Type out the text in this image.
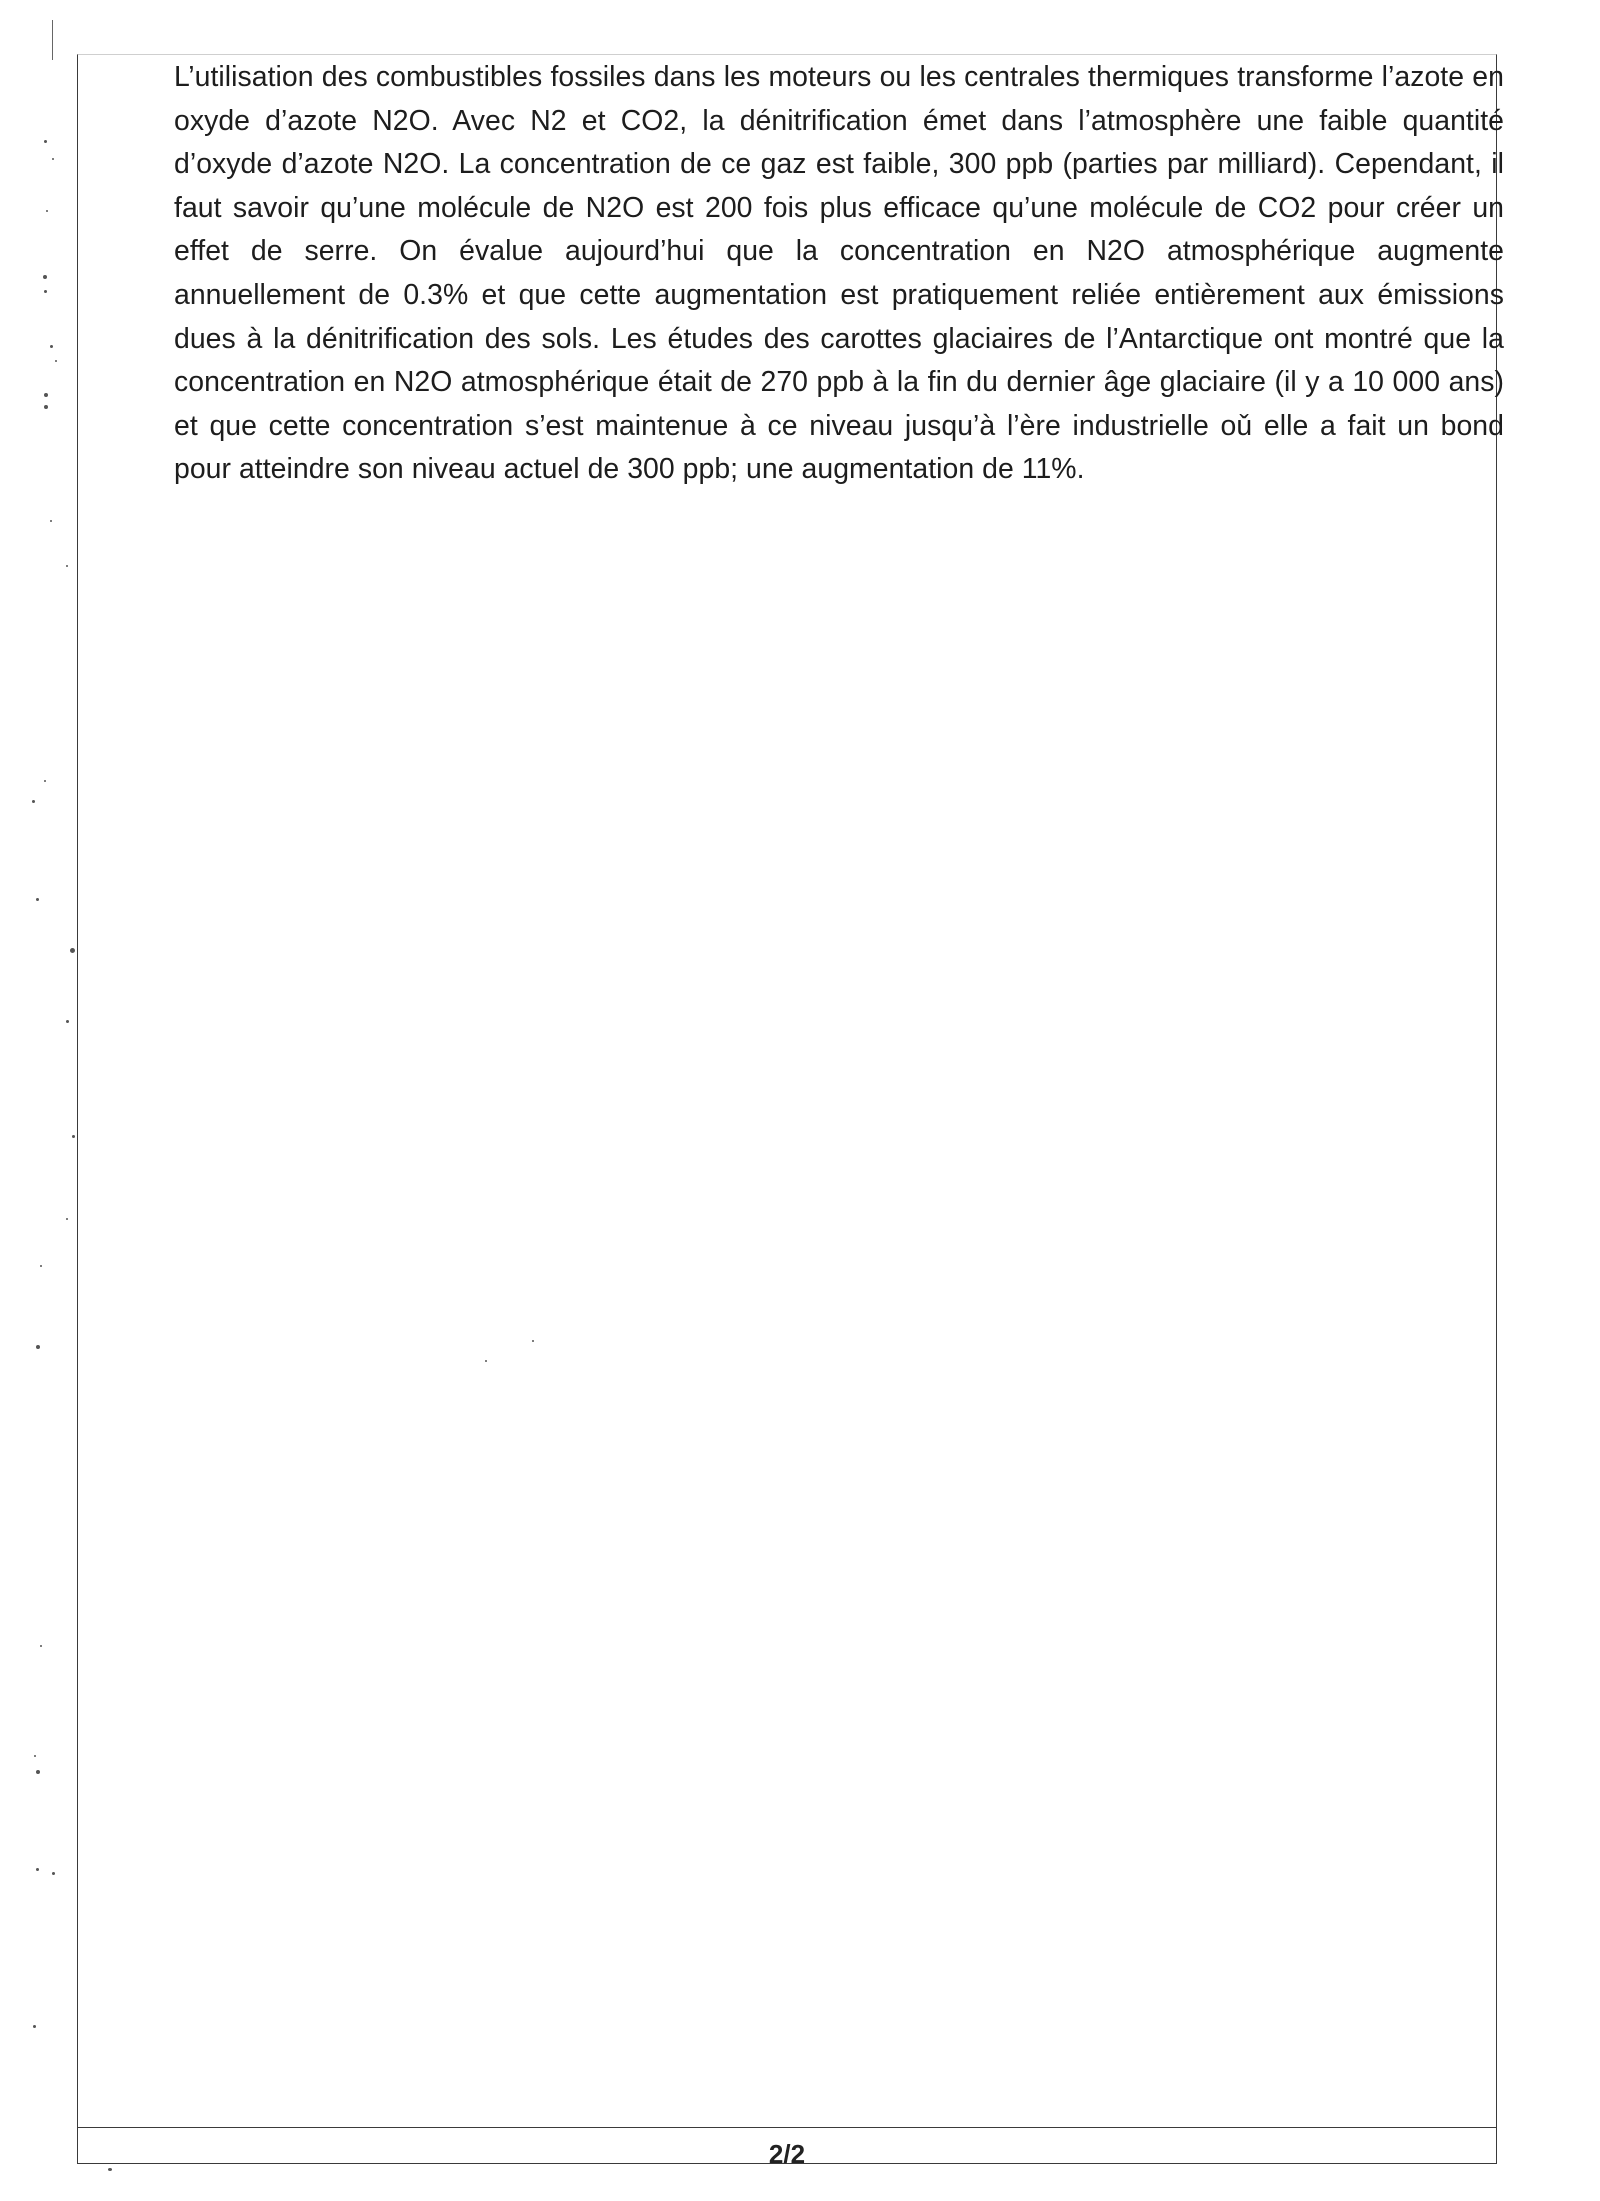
2/2

L’utilisation des combustibles fossiles dans les moteurs ou les centrales thermiques transforme l’azote en oxyde d’azote N2O. Avec N2 et CO2, la dénitrification émet dans l’atmosphère une faible quantité d’oxyde d’azote N2O. La concentration de ce gaz est faible, 300 ppb (parties par milliard). Cependant, il faut savoir qu’une molécule de N2O est 200 fois plus efficace qu’une molécule de CO2 pour créer un effet de serre. On évalue aujourd’hui que la concentration en N2O atmosphérique augmente annuellement de 0.3% et que cette augmentation est pratiquement reliée entièrement aux émissions dues à la dénitrification des sols. Les études des carottes glaciaires de l’Antarctique ont montré que la concentration en N2O atmosphérique était de 270 ppb à la fin du dernier âge glaciaire (il y a 10 000 ans) et que cette concentration s’est maintenue à ce niveau jusqu’à l’ère industrielle oǔ elle a fait un bond pour atteindre son niveau actuel de 300 ppb; une augmentation de 11%.
